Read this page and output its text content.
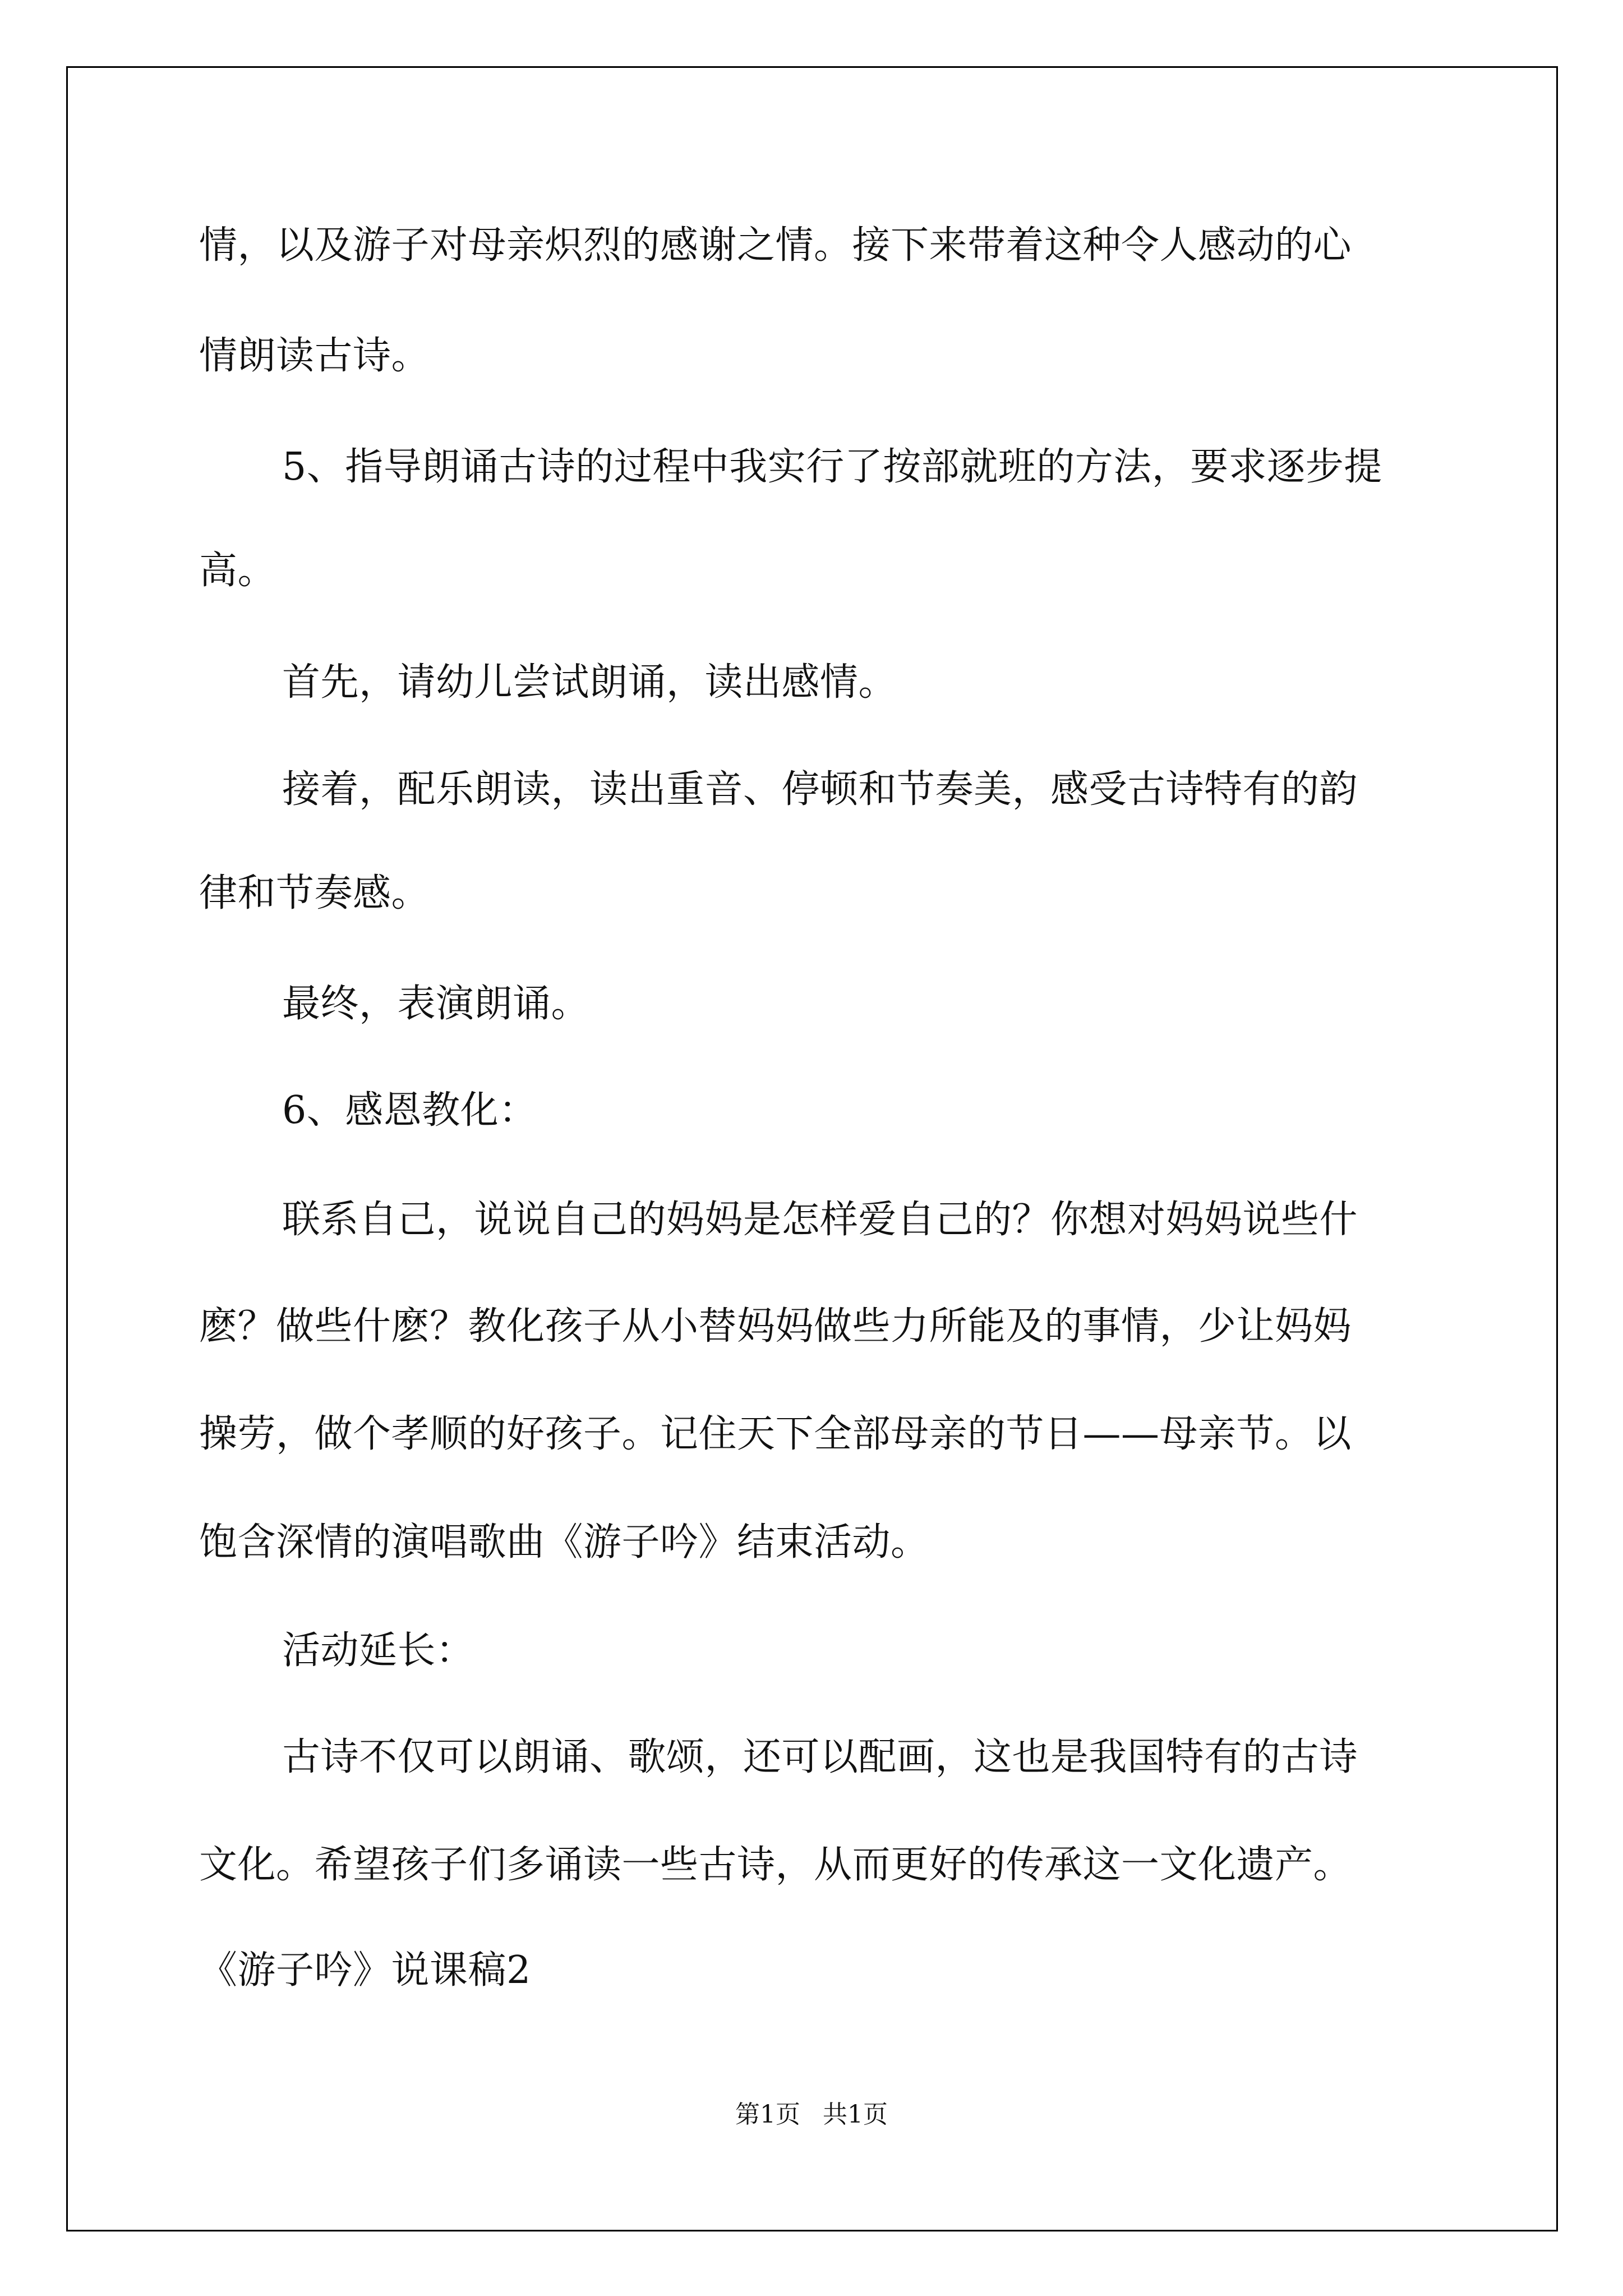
情，以及游子对母亲炽烈的感谢之情。接下来带着这种令人感动的心

情朗读古诗。

5、指导朗诵古诗的过程中我实行了按部就班的方法，要求逐步提

高。

首先，请幼儿尝试朗诵，读出感情。

接着，配乐朗读，读出重音、停顿和节奏美，感受古诗特有的韵

律和节奏感。

最终，表演朗诵。

6、感恩教化：

联系自己，说说自己的妈妈是怎样爱自己的？你想对妈妈说些什

麽？做些什麽？教化孩子从小替妈妈做些力所能及的事情，少让妈妈

操劳，做个孝顺的好孩子。记住天下全部母亲的节日——母亲节。以

饱含深情的演唱歌曲《游子吟》结束活动。

活动延长：

古诗不仅可以朗诵、歌颂，还可以配画，这也是我国特有的古诗

文化。希望孩子们多诵读一些古诗，从而更好的传承这一文化遗产。

《游子吟》说课稿2

第1页 共1页
